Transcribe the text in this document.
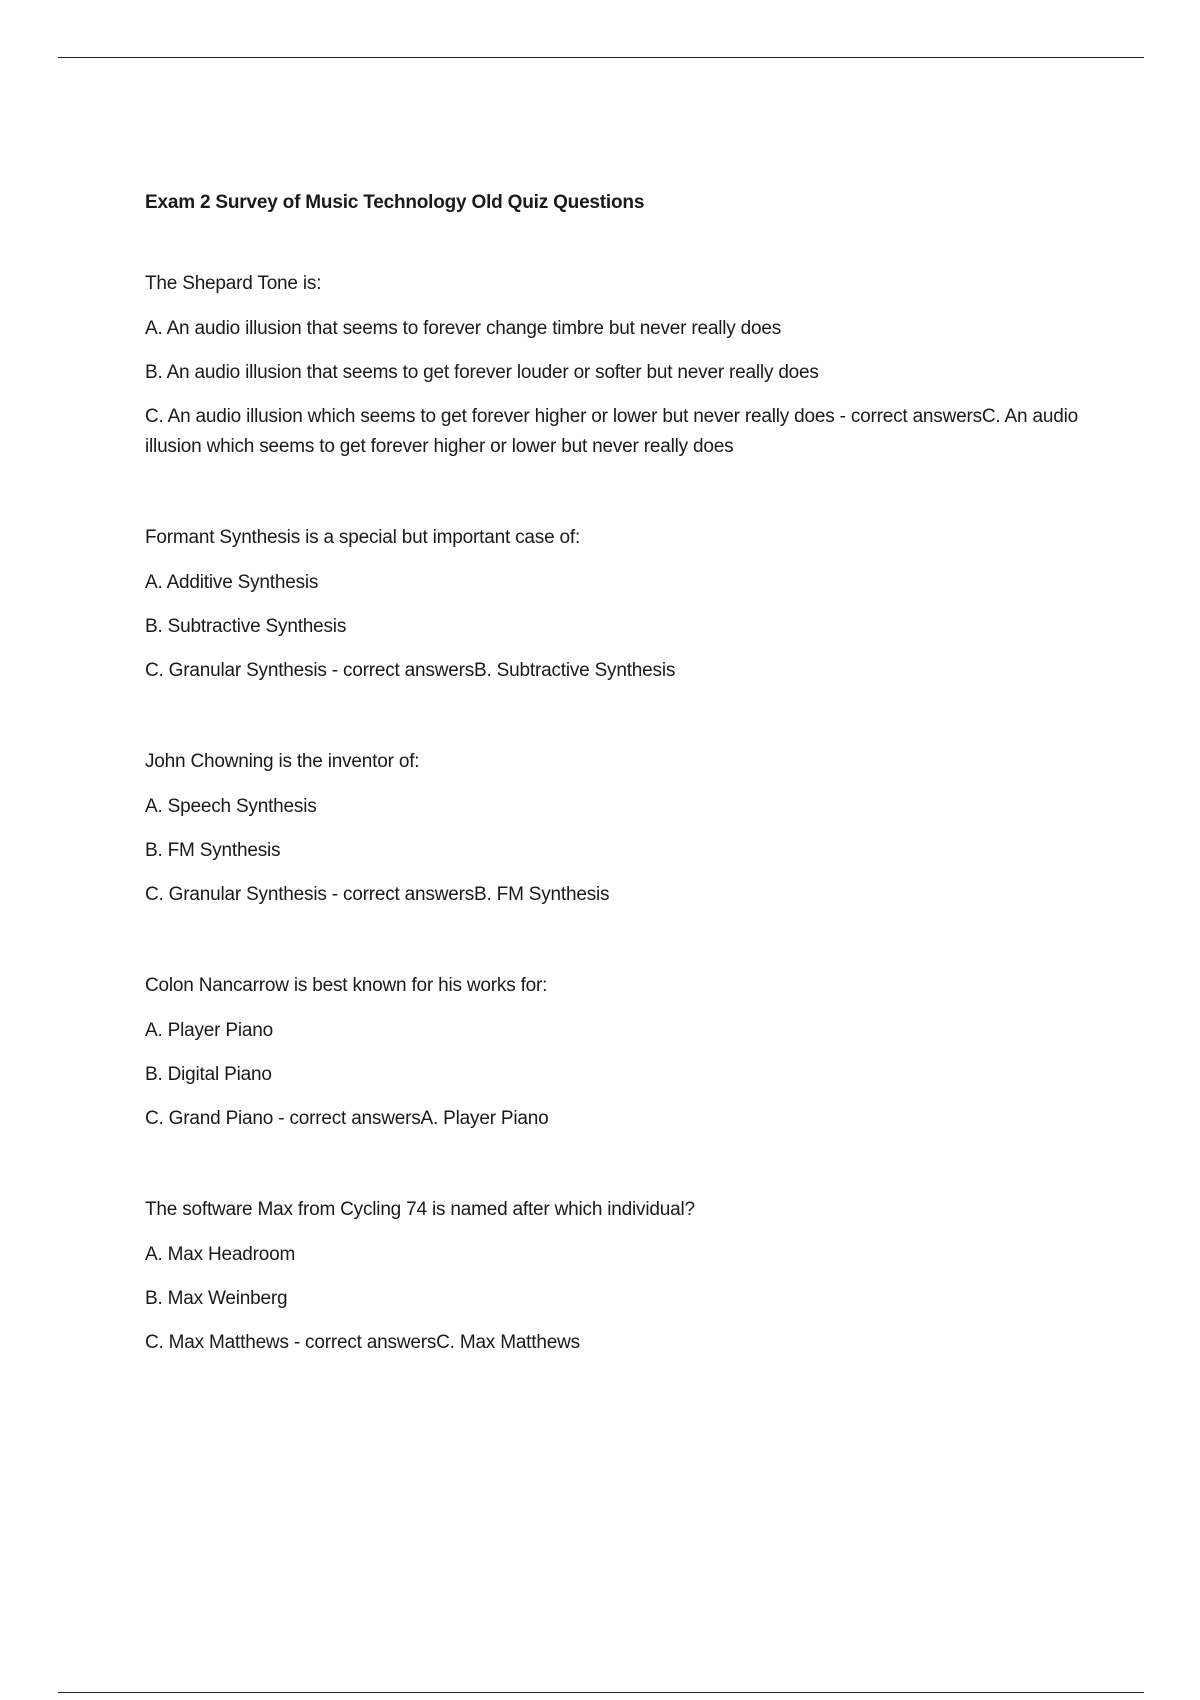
Exam 2 Survey of Music Technology Old Quiz Questions
The Shepard Tone is:
A. An audio illusion that seems to forever change timbre but never really does
B. An audio illusion that seems to get forever louder or softer but never really does
C. An audio illusion which seems to get forever higher or lower but never really does - correct answersC. An audio illusion which seems to get forever higher or lower but never really does
Formant Synthesis is a special but important case of:
A. Additive Synthesis
B. Subtractive Synthesis
C. Granular Synthesis - correct answersB. Subtractive Synthesis
John Chowning is the inventor of:
A. Speech Synthesis
B. FM Synthesis
C. Granular Synthesis - correct answersB. FM Synthesis
Colon Nancarrow is best known for his works for:
A. Player Piano
B. Digital Piano
C. Grand Piano - correct answersA. Player Piano
The software Max from Cycling 74 is named after which individual?
A. Max Headroom
B. Max Weinberg
C. Max Matthews - correct answersC. Max Matthews
